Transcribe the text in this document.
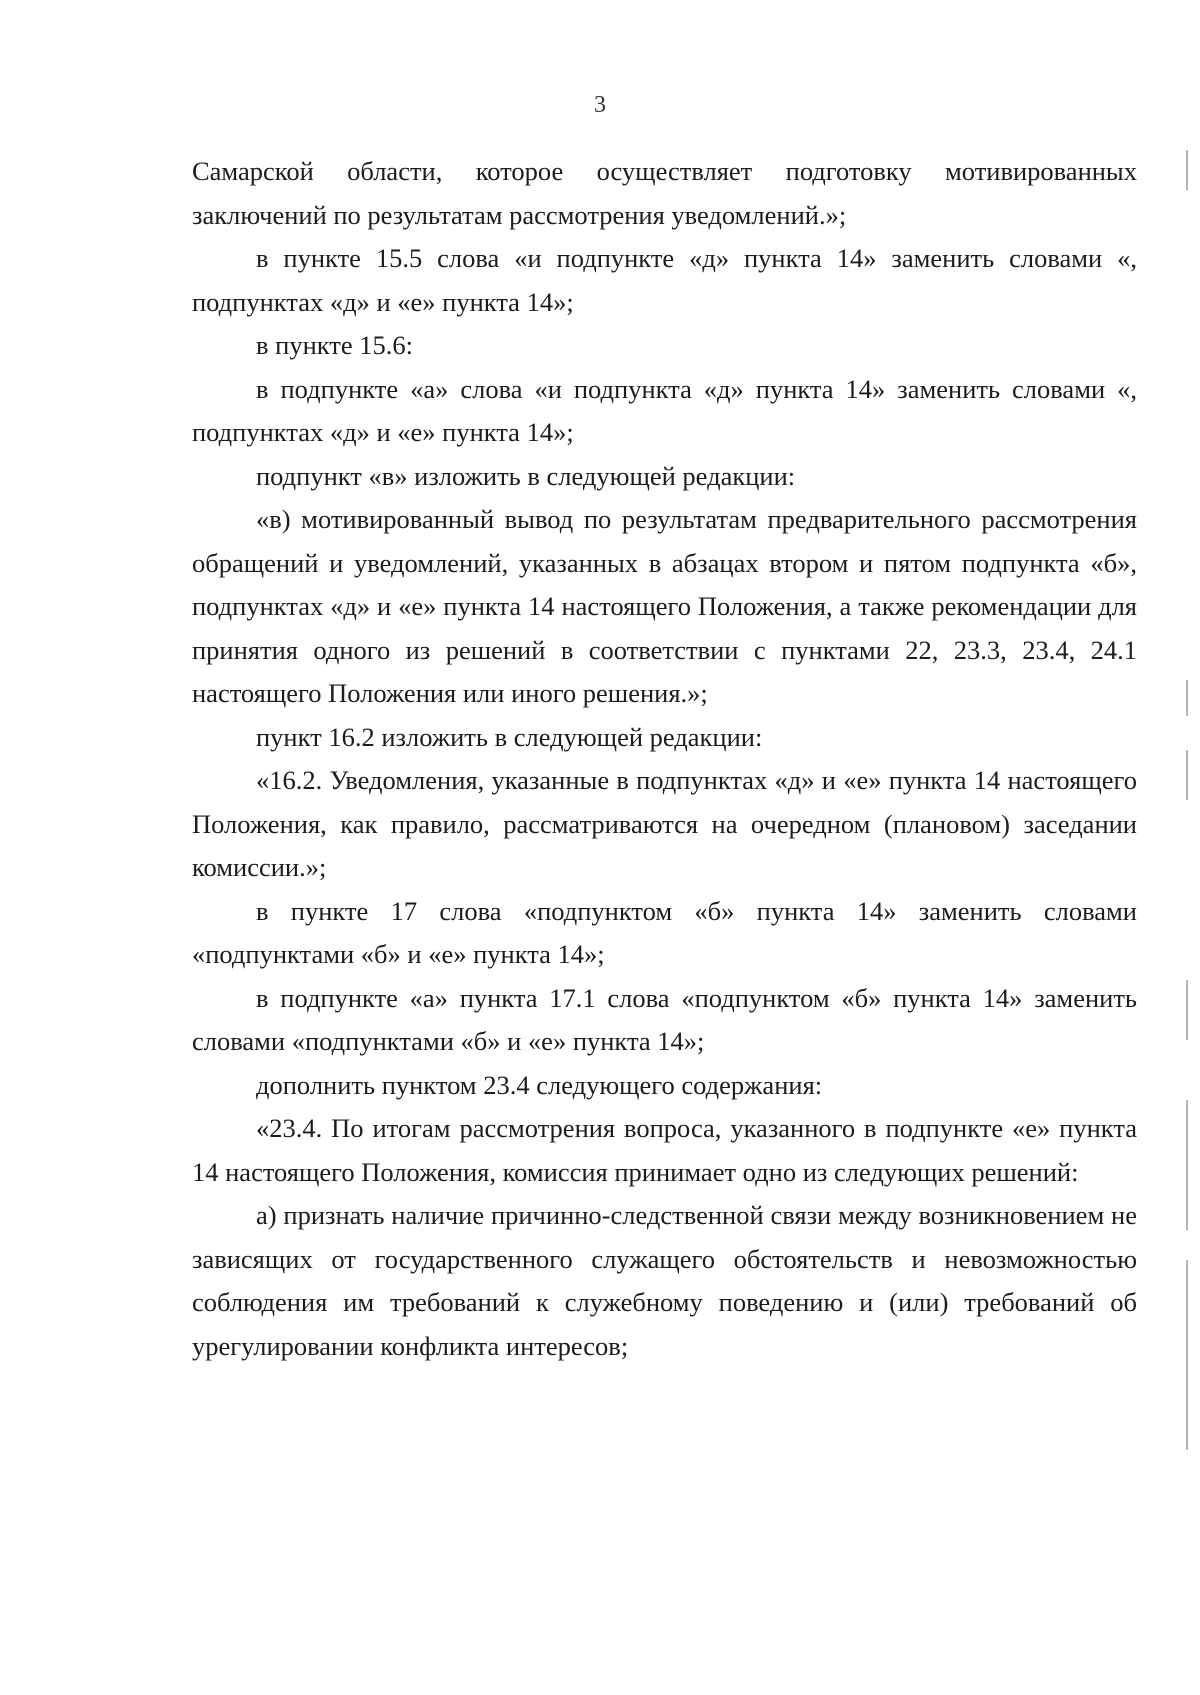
3

Самарской области, которое осуществляет подготовку мотивированных заключений по результатам рассмотрения уведомлений.»;

в пункте 15.5 слова «и подпункте «д» пункта 14» заменить словами «, подпунктах «д» и «е» пункта 14»;

в пункте 15.6:

в подпункте «а» слова «и подпункта «д» пункта 14» заменить словами «, подпунктах «д» и «е» пункта 14»;

подпункт «в» изложить в следующей редакции:

«в) мотивированный вывод по результатам предварительного рассмотрения обращений и уведомлений, указанных в абзацах втором и пятом подпункта «б», подпунктах «д» и «е» пункта 14 настоящего Положения, а также рекомендации для принятия одного из решений в соответствии с пунктами 22, 23.3, 23.4, 24.1 настоящего Положения или иного решения.»;

пункт 16.2 изложить в следующей редакции:

«16.2. Уведомления, указанные в подпунктах «д» и «е» пункта 14 настоящего Положения, как правило, рассматриваются на очередном (плановом) заседании комиссии.»;

в пункте 17 слова «подпунктом «б» пункта 14» заменить словами «подпунктами «б» и «е» пункта 14»;

в подпункте «а» пункта 17.1 слова «подпунктом «б» пункта 14» заменить словами «подпунктами «б» и «е» пункта 14»;

дополнить пунктом 23.4 следующего содержания:

«23.4. По итогам рассмотрения вопроса, указанного в подпункте «е» пункта 14 настоящего Положения, комиссия принимает одно из следующих решений:

а) признать наличие причинно-следственной связи между возникновением не зависящих от государственного служащего обстоятельств и невозможностью соблюдения им требований к служебному поведению и (или) требований об урегулировании конфликта интересов;
